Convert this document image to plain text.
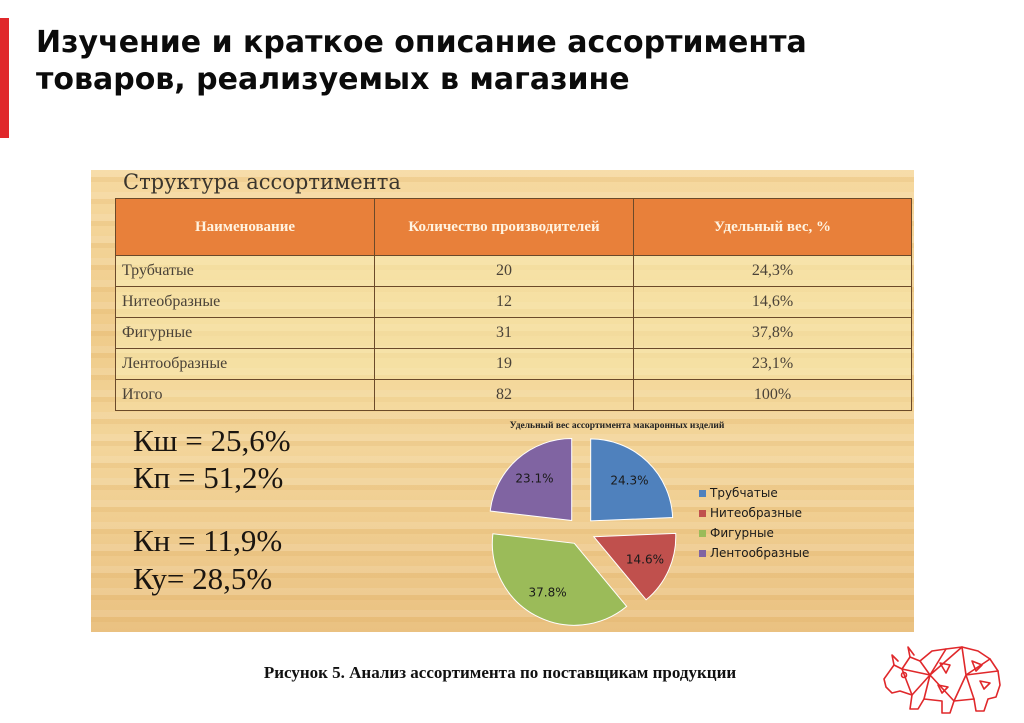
Изучение и краткое описание ассортимента
товаров, реализуемых в магазине
Структура ассортимента
Наименование	Количество производителей	Удельный вес, %
Трубчатые	20	24,3%
Нитеобразные	12	14,6%
Фигурные	31	37,8%
Лентообразные	19	23,1%
Итого	82	100%
Кш = 25,6%
Кп = 51,2%
Кн = 11,9%
Ку= 28,5%
Удельный вес ассортимента макаронных изделий
24.3%
14.6%
37.8%
23.1%
Трубчатые
Нитеобразные
Фигурные
Лентообразные

Рисунок 5. Анализ ассортимента по поставщикам продукции
